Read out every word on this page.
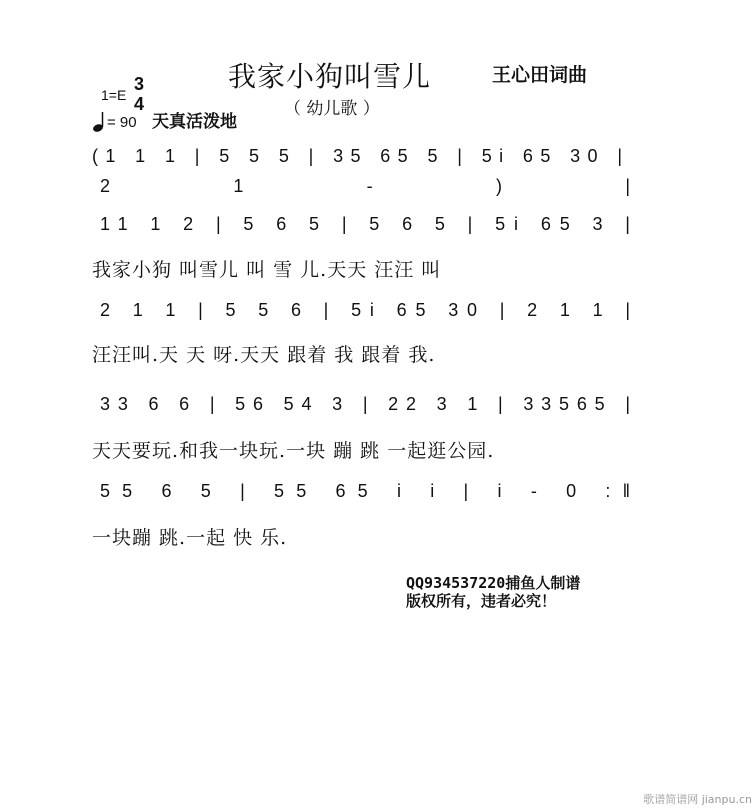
我家小狗叫雪儿	王心田词曲
（ 幼儿歌 ）
1=E
3
4
= 90 天真活泼地
(1 1 1 | 5 5 5 | 35 65 5 | 5i 65 30 |
2 1 - ) |
11 1 2 | 5 6 5 | 5 6 5 | 5i 65 3 |
2 1 1 | 5 5 6 | 5i 65 30 | 2 1 1 |
33 6 6 | 56 54 3 | 22 3 1 | 33565 |
55 6 5 | 55 65 i i | i - 0 :‖
我家小狗 叫雪儿 叫 雪 儿.天天 汪汪 叫
汪汪叫.天 天 呀.天天 跟着 我 跟着 我.
天天要玩.和我一块玩.一块 蹦 跳 一起逛公园.
一块蹦 跳.一起 快 乐.
QQ934537220捕鱼人制谱
版权所有，违者必究！
歌谱简谱网 jianpu.cn
